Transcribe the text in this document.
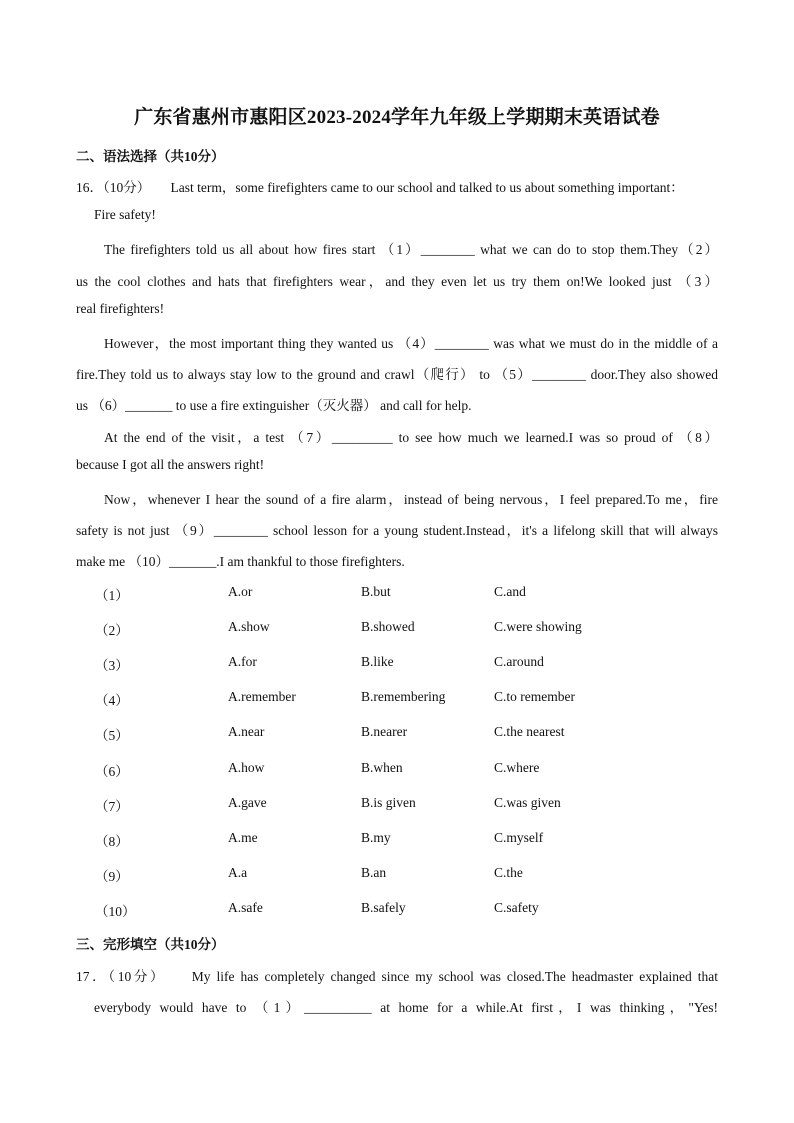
广东省惠州市惠阳区2023-2024学年九年级上学期期末英语试卷
二、语法选择（共10分）
16．（10分）　　Last term，some firefighters came to our school and talked to us about something important：
Fire safety!
The firefighters told us all about how fires start （1）________ what we can do to stop them.They（2）
us the cool clothes and hats that firefighters wear，and they even let us try them on!We looked just （3）
real firefighters!
However，the most important thing they wanted us （4）________ was what we must do in the middle of a
fire.They told us to always stay low to the ground and crawl（爬行） to （5）________ door.They also showed
us （6）_______ to use a fire extinguisher（灭火器） and call for help.
At the end of the visit，a test （7）_________ to see how much we learned.I was so proud of （8）
because I got all the answers right!
Now，whenever I hear the sound of a fire alarm，instead of being nervous，I feel prepared.To me，fire
safety is not just （9）________ school lesson for a young student.Instead，it's a lifelong skill that will always
make me （10）_______.I am thankful to those firefighters.
（1）	A.or	B.but	C.and
（2）	A.show	B.showed	C.were showing
（3）	A.for	B.like	C.around
（4）	A.remember	B.remembering	C.to remember
（5）	A.near	B.nearer	C.the nearest
（6）	A.how	B.when	C.where
（7）	A.gave	B.is given	C.was given
（8）	A.me	B.my	C.myself
（9）	A.a	B.an	C.the
（10）	A.safe	B.safely	C.safety
三、完形填空（共10分）
17．（10分）　　My life has completely changed since my school was closed.The headmaster explained that
everybody would have to （1）__________ at home for a while.At first，I was thinking，"Yes!
